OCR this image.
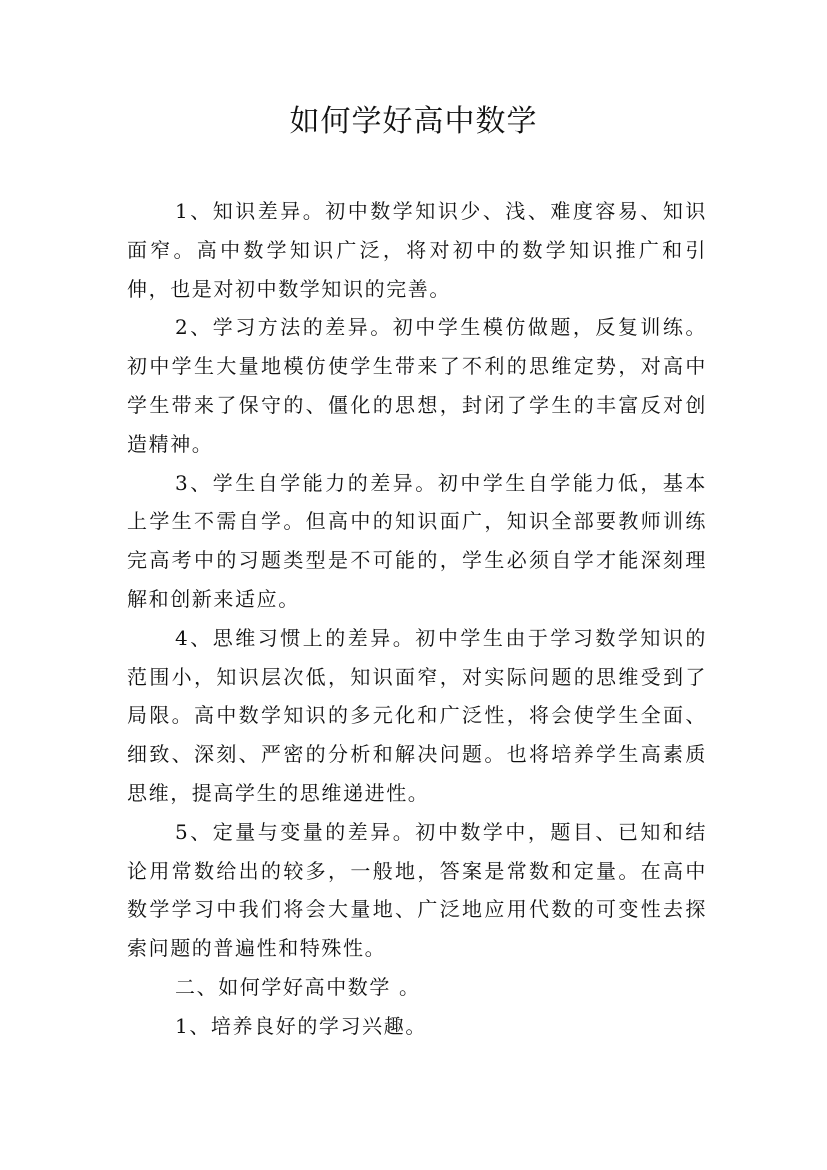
如何学好高中数学

1、知识差异。初中数学知识少、浅、难度容易、知识面窄。高中数学知识广泛，将对初中的数学知识推广和引伸，也是对初中数学知识的完善。

2、学习方法的差异。初中学生模仿做题，反复训练。初中学生大量地模仿使学生带来了不利的思维定势，对高中学生带来了保守的、僵化的思想，封闭了学生的丰富反对创造精神。

3、学生自学能力的差异。初中学生自学能力低，基本上学生不需自学。但高中的知识面广，知识全部要教师训练完高考中的习题类型是不可能的，学生必须自学才能深刻理解和创新来适应。

4、思维习惯上的差异。初中学生由于学习数学知识的范围小，知识层次低，知识面窄，对实际问题的思维受到了局限。高中数学知识的多元化和广泛性，将会使学生全面、细致、深刻、严密的分析和解决问题。也将培养学生高素质思维，提高学生的思维递进性。

5、定量与变量的差异。初中数学中，题目、已知和结论用常数给出的较多，一般地，答案是常数和定量。在高中数学学习中我们将会大量地、广泛地应用代数的可变性去探索问题的普遍性和特殊性。

二、如何学好高中数学 。

1、培养良好的学习兴趣。
